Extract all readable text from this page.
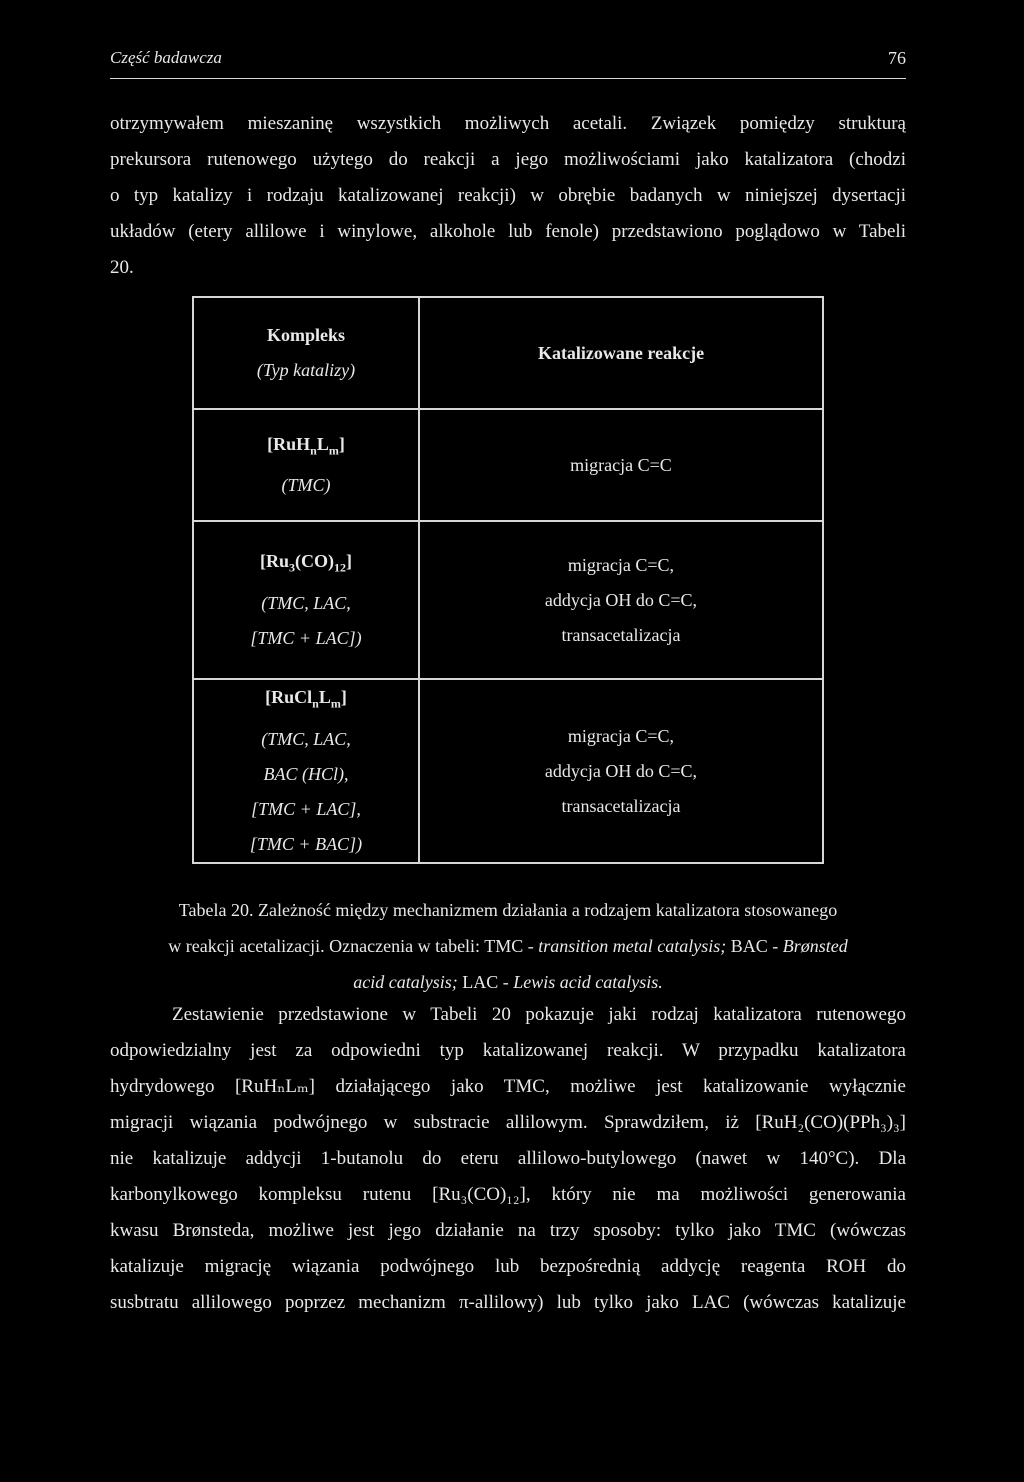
Część badawcza	76
otrzymywałem mieszaninę wszystkich możliwych acetali. Związek pomiędzy strukturą
prekursora rutenowego użytego do reakcji a jego możliwościami jako katalizatora (chodzi
o typ katalizy i rodzaju katalizowanej reakcji) w obrębie badanych w niniejszej dysertacji
układów (etery allilowe i winylowe, alkohole lub fenole) przedstawiono poglądowo w Tabeli
20.
Kompleks
(Typ katalizy)	Katalizowane reakcje

$[RuH_nL_m]$
(TMC)	migracja C=C

$[Ru_3(CO)_{12}]$
(TMC, LAC,
[TMC + LAC])	migracja C=C,
addycja OH do C=C,
transacetalizacja

$[RuCl_nL_m]$
(TMC, LAC,
BAC (HCl),
[TMC + LAC],
[TMC + BAC])	migracja C=C,
addycja OH do C=C,
transacetalizacja
Tabela 20. Zależność między mechanizmem działania a rodzajem katalizatora stosowanego
w reakcji acetalizacji. Oznaczenia w tabeli: TMC - transition metal catalysis; BAC - Brønsted
acid catalysis; LAC - Lewis acid catalysis.
Zestawienie przedstawione w Tabeli 20 pokazuje jaki rodzaj katalizatora rutenowego
odpowiedzialny jest za odpowiedni typ katalizowanej reakcji. W przypadku katalizatora
hydrydowego [RuHₙLₘ] działającego jako TMC, możliwe jest katalizowanie wyłącznie
migracji wiązania podwójnego w substracie allilowym. Sprawdziłem, iż [RuH₂(CO)(PPh₃)₃]
nie katalizuje addycji 1-butanolu do eteru allilowo-butylowego (nawet w 140°C). Dla
karbonylkowego kompleksu rutenu [Ru₃(CO)₁₂], który nie ma możliwości generowania
kwasu Brønsteda, możliwe jest jego działanie na trzy sposoby: tylko jako TMC (wówczas
katalizuje migrację wiązania podwójnego lub bezpośrednią addycję reagenta ROH do
susbtratu allilowego poprzez mechanizm π-allilowy) lub tylko jako LAC (wówczas katalizuje
